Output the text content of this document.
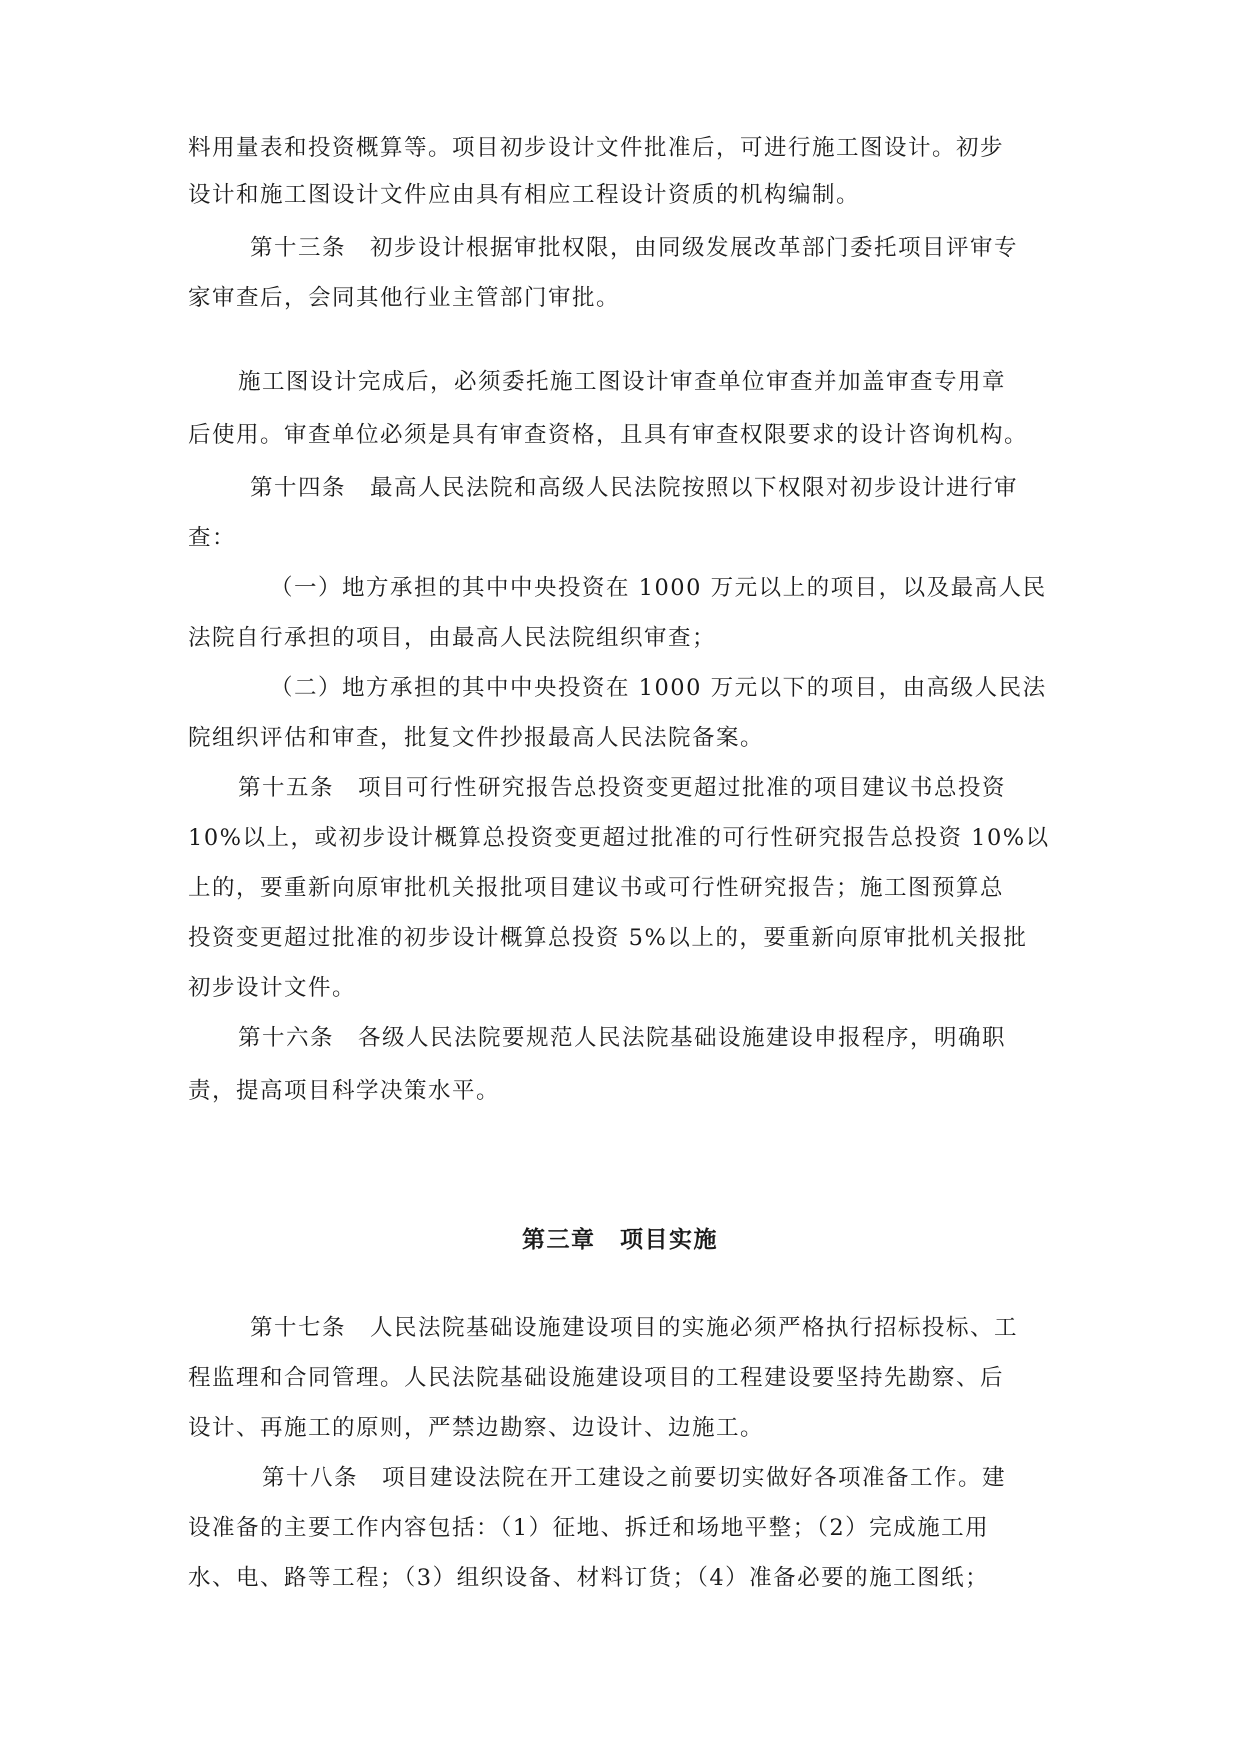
料用量表和投资概算等。项目初步设计文件批准后，可进行施工图设计。初步
设计和施工图设计文件应由具有相应工程设计资质的机构编制。
第十三条　初步设计根据审批权限，由同级发展改革部门委托项目评审专
家审查后，会同其他行业主管部门审批。
施工图设计完成后，必须委托施工图设计审查单位审查并加盖审查专用章
后使用。审查单位必须是具有审查资格，且具有审查权限要求的设计咨询机构。
第十四条　最高人民法院和高级人民法院按照以下权限对初步设计进行审
查：
（一）地方承担的其中中央投资在 1000 万元以上的项目，以及最高人民
法院自行承担的项目，由最高人民法院组织审查；
（二）地方承担的其中中央投资在 1000 万元以下的项目，由高级人民法
院组织评估和审查，批复文件抄报最高人民法院备案。
第十五条　项目可行性研究报告总投资变更超过批准的项目建议书总投资
10%以上，或初步设计概算总投资变更超过批准的可行性研究报告总投资 10%以
上的，要重新向原审批机关报批项目建议书或可行性研究报告；施工图预算总
投资变更超过批准的初步设计概算总投资 5%以上的，要重新向原审批机关报批
初步设计文件。
第十六条　各级人民法院要规范人民法院基础设施建设申报程序，明确职
责，提高项目科学决策水平。
第三章　项目实施
第十七条　人民法院基础设施建设项目的实施必须严格执行招标投标、工
程监理和合同管理。人民法院基础设施建设项目的工程建设要坚持先勘察、后
设计、再施工的原则，严禁边勘察、边设计、边施工。
第十八条　项目建设法院在开工建设之前要切实做好各项准备工作。建
设准备的主要工作内容包括：（1）征地、拆迁和场地平整；（2）完成施工用
水、电、路等工程；（3）组织设备、材料订货；（4）准备必要的施工图纸；
